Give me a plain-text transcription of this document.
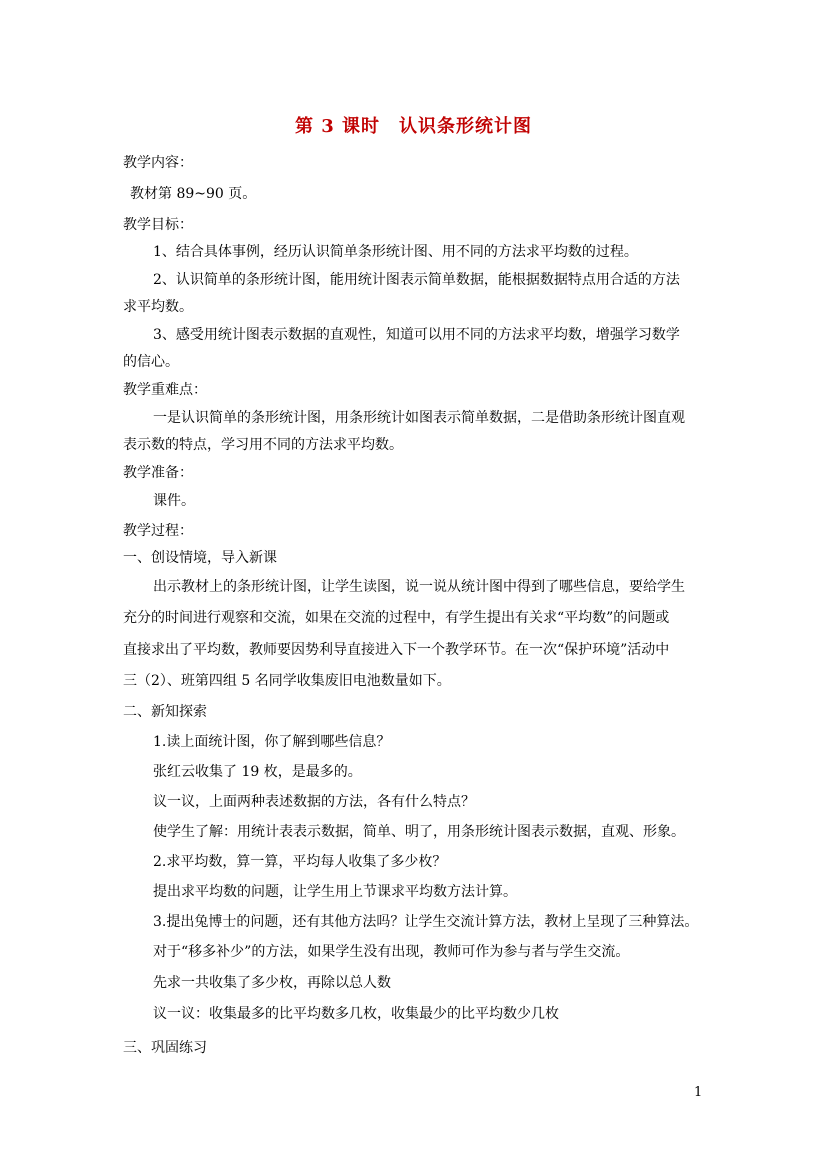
第 3 课时　认识条形统计图
教学内容：
教材第 89~90 页。
教学目标：
1、结合具体事例，经历认识简单条形统计图、用不同的方法求平均数的过程。
2、认识简单的条形统计图，能用统计图表示简单数据，能根据数据特点用合适的方法
求平均数。
3、感受用统计图表示数据的直观性，知道可以用不同的方法求平均数，增强学习数学
的信心。
教学重难点：
一是认识简单的条形统计图，用条形统计如图表示简单数据，二是借助条形统计图直观
表示数的特点，学习用不同的方法求平均数。
教学准备：
课件。
教学过程：
一、创设情境，导入新课
出示教材上的条形统计图，让学生读图，说一说从统计图中得到了哪些信息，要给学生
充分的时间进行观察和交流，如果在交流的过程中，有学生提出有关求“平均数”的问题或
直接求出了平均数，教师要因势利导直接进入下一个教学环节。在一次“保护环境”活动中
三（2）、班第四组 5 名同学收集废旧电池数量如下。
二、新知探索
1.读上面统计图，你了解到哪些信息？
张红云收集了 19 枚，是最多的。
议一议，上面两种表述数据的方法，各有什么特点？
使学生了解：用统计表表示数据，简单、明了，用条形统计图表示数据，直观、形象。
2.求平均数，算一算，平均每人收集了多少枚？
提出求平均数的问题，让学生用上节课求平均数方法计算。
3.提出兔博士的问题，还有其他方法吗？让学生交流计算方法，教材上呈现了三种算法。
对于“移多补少”的方法，如果学生没有出现，教师可作为参与者与学生交流。
先求一共收集了多少枚，再除以总人数
议一议：收集最多的比平均数多几枚，收集最少的比平均数少几枚
三、巩固练习
1
